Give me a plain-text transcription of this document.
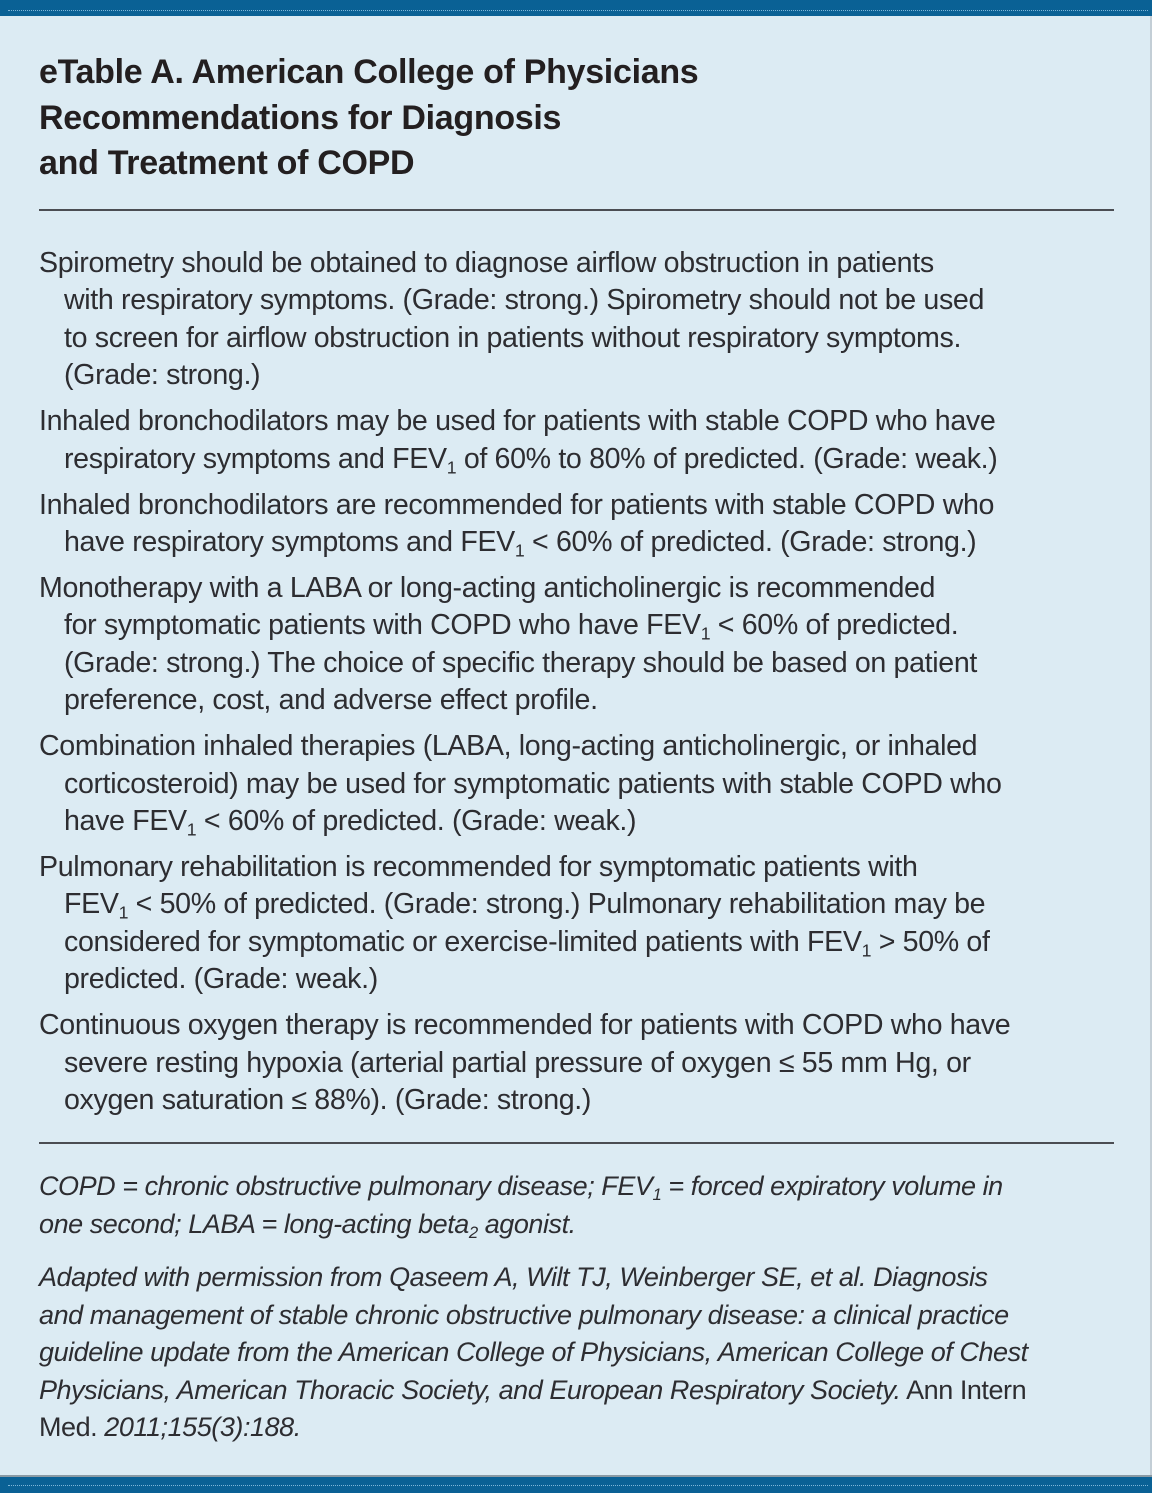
eTable A. American College of Physicians
Recommendations for Diagnosis
and Treatment of COPD
Spirometry should be obtained to diagnose airflow obstruction in patients
with respiratory symptoms. (Grade: strong.) Spirometry should not be used
to screen for airflow obstruction in patients without respiratory symptoms.
(Grade: strong.)
Inhaled bronchodilators may be used for patients with stable COPD who have
respiratory symptoms and $FEV_1$ of 60% to 80% of predicted. (Grade: weak.)
Inhaled bronchodilators are recommended for patients with stable COPD who
have respiratory symptoms and $FEV_1 < 60\%$ of predicted. (Grade: strong.)
Monotherapy with a LABA or long-acting anticholinergic is recommended
for symptomatic patients with COPD who have $FEV_1 < 60\%$ of predicted.
(Grade: strong.) The choice of specific therapy should be based on patient
preference, cost, and adverse effect profile.
Combination inhaled therapies (LABA, long-acting anticholinergic, or inhaled
corticosteroid) may be used for symptomatic patients with stable COPD who
have $FEV_1 < 60\%$ of predicted. (Grade: weak.)
Pulmonary rehabilitation is recommended for symptomatic patients with
$FEV_1 < 50\%$ of predicted. (Grade: strong.) Pulmonary rehabilitation may be
considered for symptomatic or exercise-limited patients with $FEV_1 > 50\%$ of
predicted. (Grade: weak.)
Continuous oxygen therapy is recommended for patients with COPD who have
severe resting hypoxia (arterial partial pressure of oxygen ≤ 55 mm Hg, or
oxygen saturation ≤ 88%). (Grade: strong.)

COPD = chronic obstructive pulmonary disease; $FEV_1$ = forced expiratory volume in
one second; LABA = long-acting beta$_2$ agonist.

Adapted with permission from Qaseem A, Wilt TJ, Weinberger SE, et al. Diagnosis
and management of stable chronic obstructive pulmonary disease: a clinical practice
guideline update from the American College of Physicians, American College of Chest
Physicians, American Thoracic Society, and European Respiratory Society. Ann Intern
Med. 2011;155(3):188.
